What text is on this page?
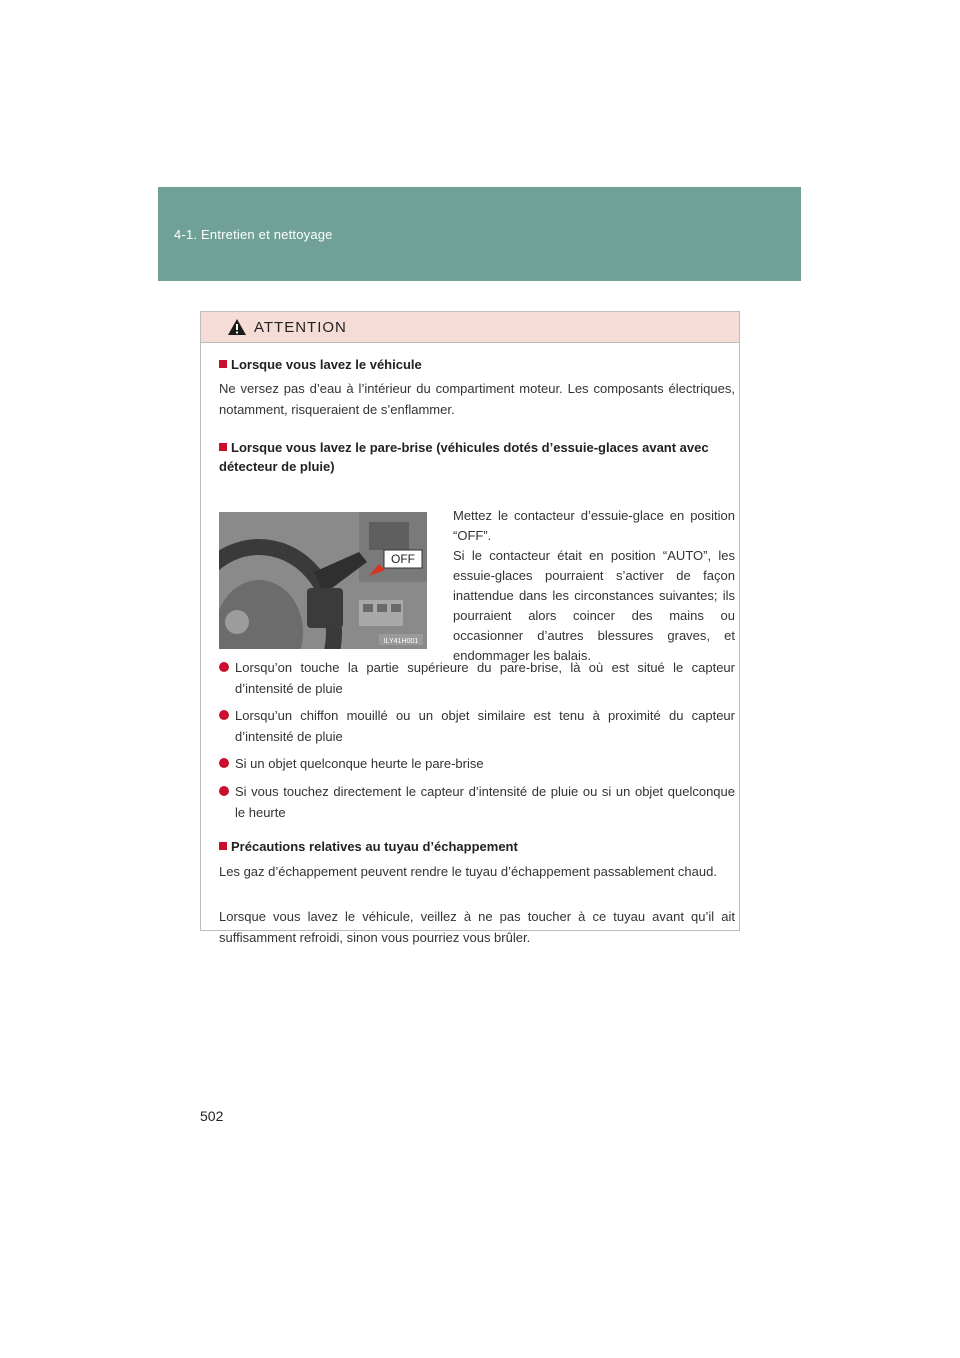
4-1. Entretien et nettoyage
ATTENTION
Lorsque vous lavez le véhicule
Ne versez pas d’eau à l’intérieur du compartiment moteur. Les composants électriques, notamment, risqueraient de s’enflammer.
Lorsque vous lavez le pare-brise (véhicules dotés d’essuie-glaces avant avec détecteur de pluie)
OFF
ILY41H001
Mettez le contacteur d’essuie-glace en position “OFF”.
Si le contacteur était en position “AUTO”, les essuie-glaces pourraient s’activer de façon inattendue dans les circonstances suivantes; ils pourraient alors coincer des mains ou occasionner d’autres blessures graves, et endommager les balais.
Lorsqu’on touche la partie supérieure du pare-brise, là où est situé le capteur d’intensité de pluie
Lorsqu’un chiffon mouillé ou un objet similaire est tenu à proximité du capteur d’intensité de pluie
Si un objet quelconque heurte le pare-brise
Si vous touchez directement le capteur d’intensité de pluie ou si un objet quelconque le heurte
Précautions relatives au tuyau d’échappement
Les gaz d’échappement peuvent rendre le tuyau d’échappement passablement chaud.
Lorsque vous lavez le véhicule, veillez à ne pas toucher à ce tuyau avant qu’il ait suffisamment refroidi, sinon vous pourriez vous brûler.
502
